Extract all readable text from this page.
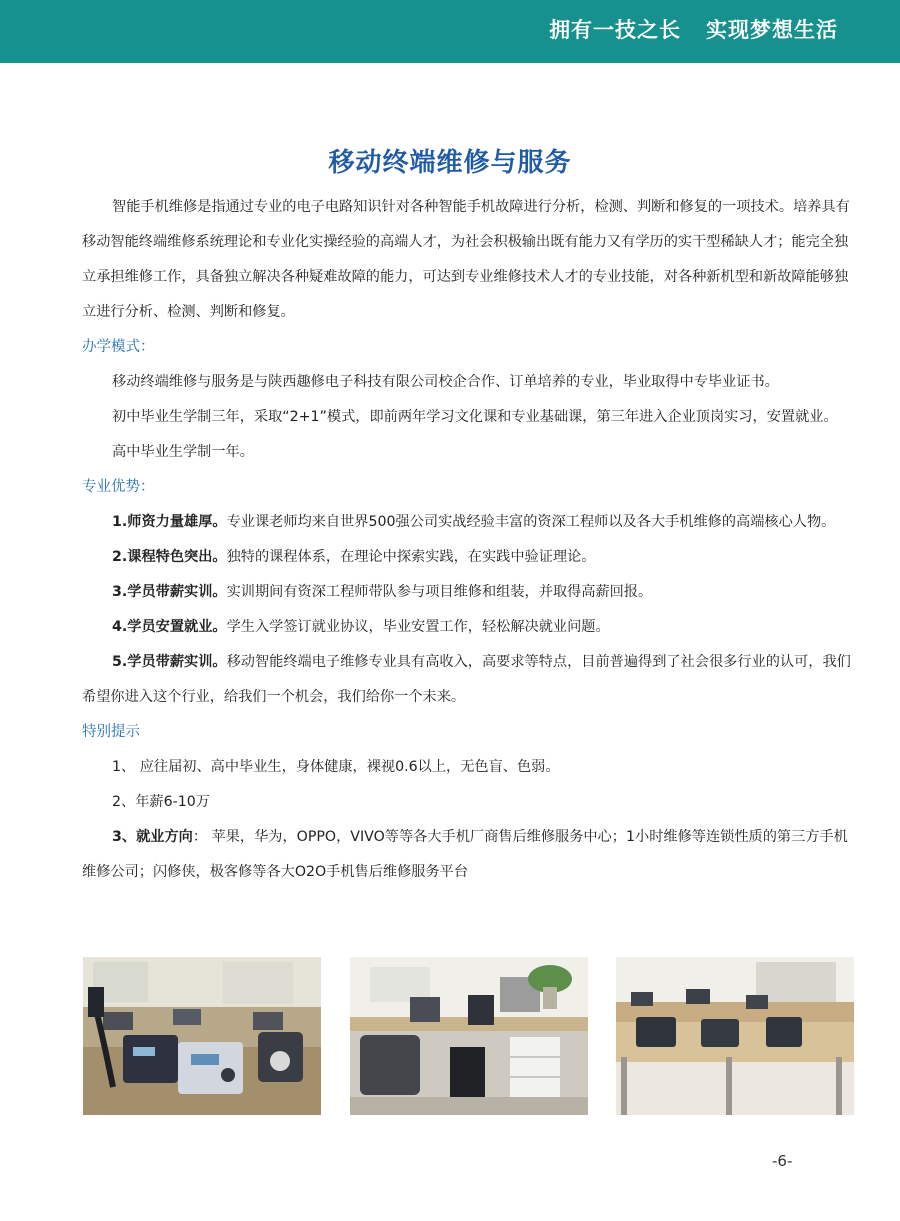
拥有一技之长   实现梦想生活
移动终端维修与服务

智能手机维修是指通过专业的电子电路知识针对各种智能手机故障进行分析，检测、判断和修复的一项技术。培养具有移动智能终端维修系统理论和专业化实操经验的高端人才，为社会积极输出既有能力又有学历的实干型稀缺人才；能完全独立承担维修工作，具备独立解决各种疑难故障的能力，可达到专业维修技术人才的专业技能，对各种新机型和新故障能够独立进行分析、检测、判断和修复。

办学模式：

移动终端维修与服务是与陕西趣修电子科技有限公司校企合作、订单培养的专业，毕业取得中专毕业证书。

初中毕业生学制三年，采取“2+1”模式，即前两年学习文化课和专业基础课，第三年进入企业顶岗实习，安置就业。

高中毕业生学制一年。

专业优势：

1.师资力量雄厚。专业课老师均来自世界500强公司实战经验丰富的资深工程师以及各大手机维修的高端核心人物。

2.课程特色突出。独特的课程体系，在理论中探索实践，在实践中验证理论。

3.学员带薪实训。实训期间有资深工程师带队参与项目维修和组装，并取得高薪回报。

4.学员安置就业。学生入学签订就业协议，毕业安置工作，轻松解决就业问题。

5.学员带薪实训。移动智能终端电子维修专业具有高收入，高要求等特点，目前普遍得到了社会很多行业的认可，我们希望你进入这个行业，给我们一个机会，我们给你一个未来。

特别提示

1、 应往届初、高中毕业生，身体健康，裸视0.6以上，无色盲、色弱。

2、年薪6-10万

3、就业方向： 苹果，华为，OPPO，VIVO等等各大手机厂商售后维修服务中心；1小时维修等连锁性质的第三方手机维修公司；闪修侠，极客修等各大O2O手机售后维修服务平台

-6-
